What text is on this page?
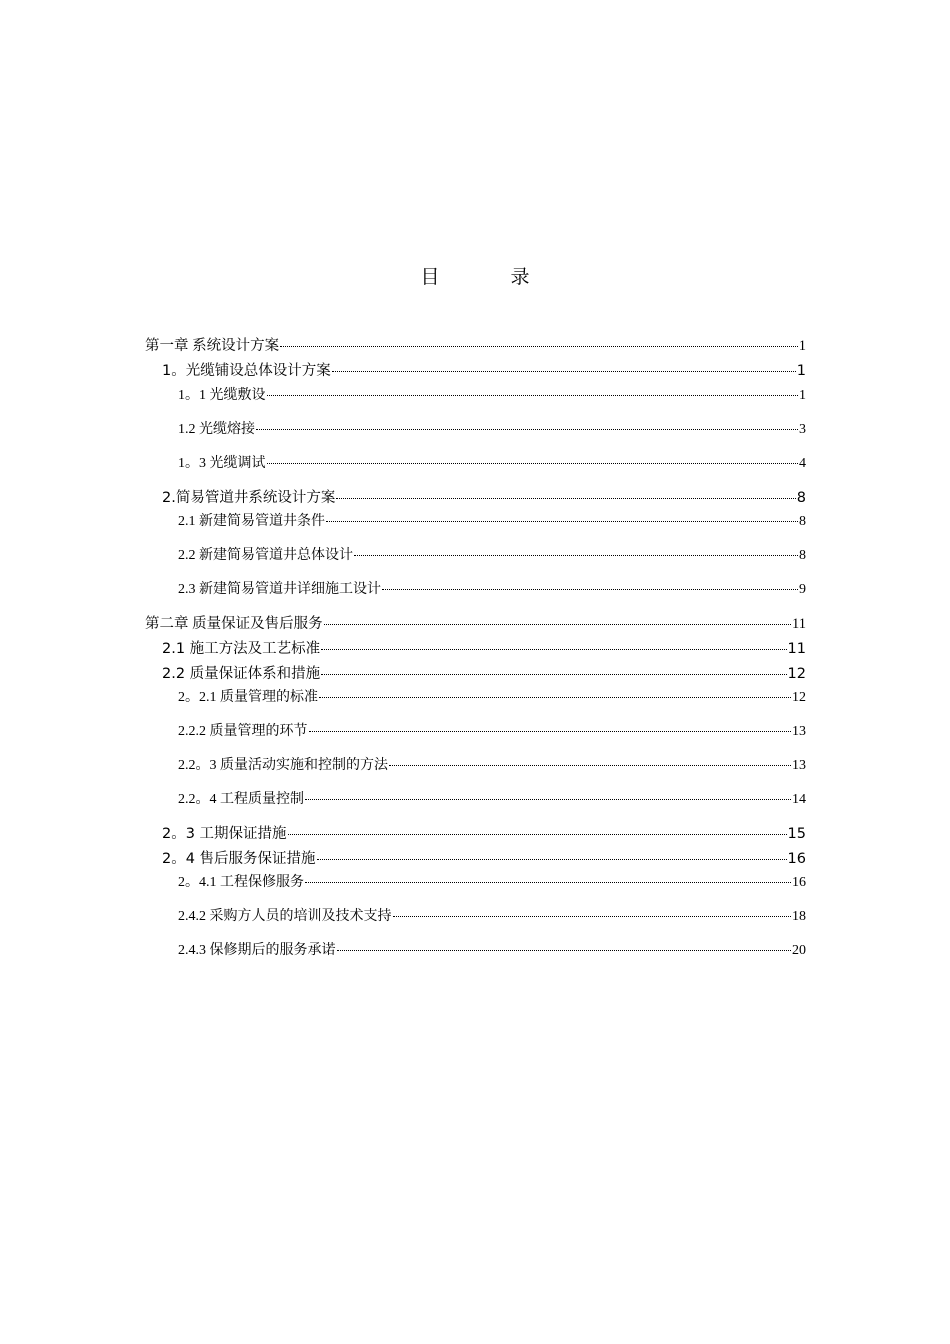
目　录
第一章 系统设计方案	1
1。光缆铺设总体设计方案	1
1。1 光缆敷设	1
1.2 光缆熔接	3
1。3 光缆调试	4
2.简易管道井系统设计方案	8
2.1 新建简易管道井条件	8
2.2 新建简易管道井总体设计	8
2.3 新建简易管道井详细施工设计	9
第二章 质量保证及售后服务	11
2.1 施工方法及工艺标准	11
2.2 质量保证体系和措施	12
2。2.1 质量管理的标准	12
2.2.2 质量管理的环节	13
2.2。3 质量活动实施和控制的方法	13
2.2。4 工程质量控制	14
2。3 工期保证措施	15
2。4 售后服务保证措施	16
2。4.1 工程保修服务	16
2.4.2 采购方人员的培训及技术支持	18
2.4.3 保修期后的服务承诺	20
